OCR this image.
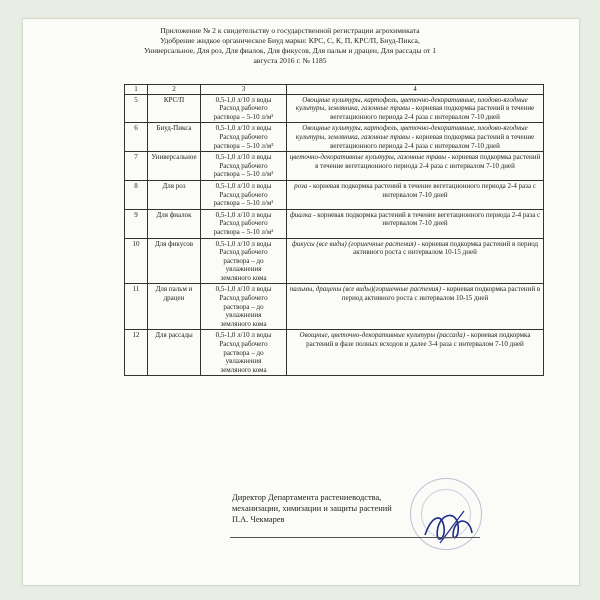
Приложение № 2 к свидетельству о государственной регистрации агрохимиката
Удобрение жидкое органическое Биуд марки: КРС, С, К, П, КРС/П, Биуд-Пикса,
Универсальное, Для роз, Для фиалок, Для фикусов, Для пальм и драцен, Для рассады от 1
августа 2016 г. № 1185
1	2	3	4
5	КРС/П	0,5-1,0 л/10 л воды
Расход рабочего
раствора – 5-10 л/м²	Овощные культуры, картофель, цветочно-декоративные, плодово-ягодные культуры, земляника, газонные травы - корневая подкормка растений в течение вегетационного периода 2-4 раза с интервалом 7-10 дней
6	Биуд-Пикса	0,5-1,0 л/10 л воды
Расход рабочего
раствора – 5-10 л/м²	Овощные культуры, картофель, цветочно-декоративные, плодово-ягодные культуры, земляника, газонные травы - корневая подкормка растений в течение вегетационного периода 2-4 раза с интервалом 7-10 дней
7	Универсальное	0,5-1,0 л/10 л воды
Расход рабочего
раствора – 5-10 л/м²	цветочно-декоративные культуры, газонные травы - корневая подкормка растений в течение вегетационного периода 2-4 раза с интервалом 7-10 дней
8	Для роз	0,5-1,0 л/10 л воды
Расход рабочего
раствора – 5-10 л/м²	роза - корневая подкормка растений в течение вегетационного периода 2-4 раза с интервалом 7-10 дней
9	Для фиалок	0,5-1,0 л/10 л воды
Расход рабочего
раствора – 5-10 л/м²	фиалка - корневая подкормка растений в течение вегетационного периода 2-4 раза с интервалом 7-10 дней
10	Для фикусов	0,5-1,0 л/10 л воды
Расход рабочего
раствора – до
увлажнения
земляного кома	фикусы (все виды) (горшечные растения) - корневая подкормка растений в период активного роста с интервалом 10-15 дней
11	Для пальм и драцен	0,5-1,0 л/10 л воды
Расход рабочего
раствора – до
увлажнения
земляного кома	пальмы, драцены (все виды)(горшечные растения) - корневая подкормка растений в период активного роста с интервалом 10-15 дней
12	Для рассады	0,5-1,0 л/10 л воды
Расход рабочего
раствора – до
увлажнения
земляного кома	Овощные, цветочно-декоративные культуры (рассада) - корневая подкормка растений в фазе полных всходов и далее 3-4 раза с интервалом 7-10 дней
Директор Департамента растениеводства,
механизации, химизации и защиты растений
П.А. Чекмарев
